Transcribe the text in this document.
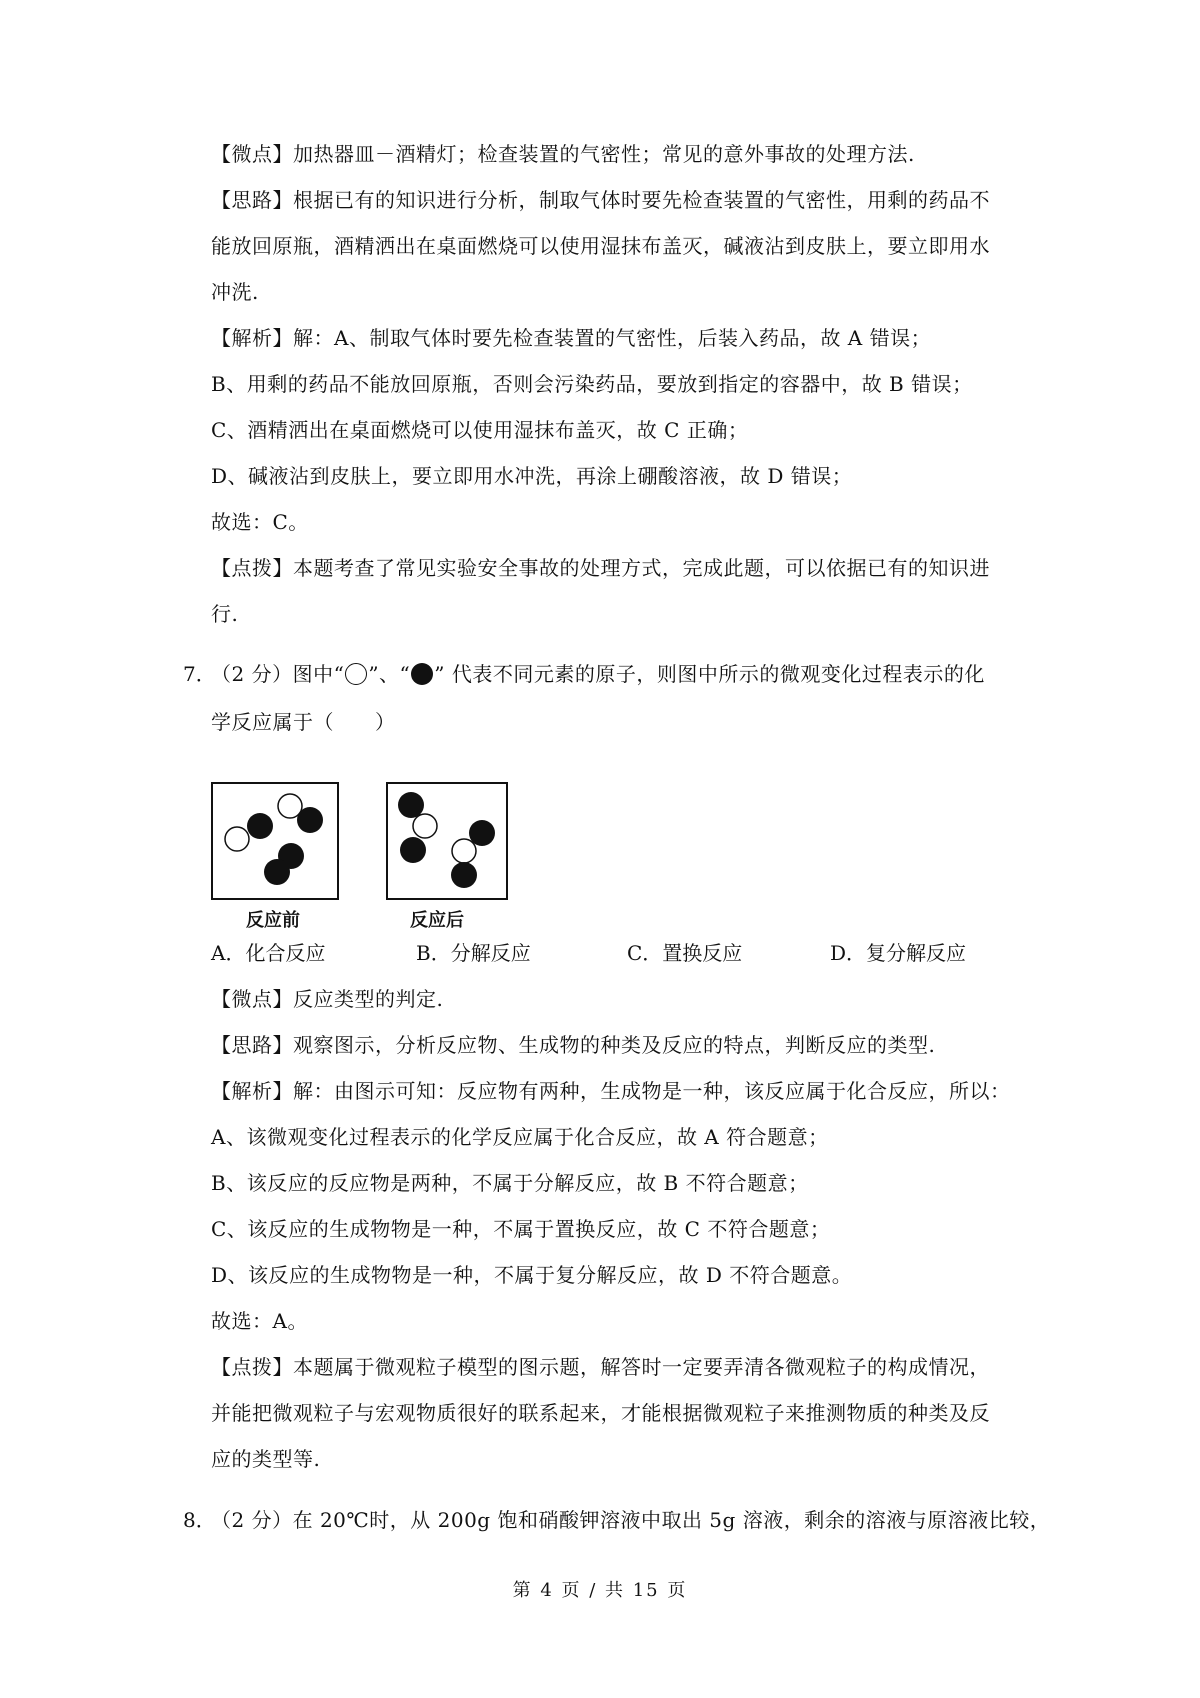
【微点】加热器皿－酒精灯；检查装置的气密性；常见的意外事故的处理方法.
【思路】根据已有的知识进行分析，制取气体时要先检查装置的气密性，用剩的药品不
能放回原瓶，酒精洒出在桌面燃烧可以使用湿抹布盖灭，碱液沾到皮肤上，要立即用水
冲洗.
【解析】解：A、制取气体时要先检查装置的气密性，后装入药品，故 A 错误；
B、用剩的药品不能放回原瓶，否则会污染药品，要放到指定的容器中，故 B 错误；
C、酒精洒出在桌面燃烧可以使用湿抹布盖灭，故 C 正确；
D、碱液沾到皮肤上，要立即用水冲洗，再涂上硼酸溶液，故 D 错误；
故选：C。
【点拨】本题考查了常见实验安全事故的处理方式，完成此题，可以依据已有的知识进
行.
7．
（2 分）图中“ ”、“ ” 代表不同元素的原子，则图中所示的微观变化过程表示的化
学反应属于（　　）
反应前	反应后
A．化合反应	B．分解反应	C．置换反应	D．复分解反应
【微点】反应类型的判定.
【思路】观察图示，分析反应物、生成物的种类及反应的特点，判断反应的类型.
【解析】解：由图示可知：反应物有两种，生成物是一种，该反应属于化合反应，所以：
A、该微观变化过程表示的化学反应属于化合反应，故 A 符合题意；
B、该反应的反应物是两种，不属于分解反应，故 B 不符合题意；
C、该反应的生成物物是一种，不属于置换反应，故 C 不符合题意；
D、该反应的生成物物是一种，不属于复分解反应，故 D 不符合题意。
故选：A。
【点拨】本题属于微观粒子模型的图示题，解答时一定要弄清各微观粒子的构成情况，
并能把微观粒子与宏观物质很好的联系起来，才能根据微观粒子来推测物质的种类及反
应的类型等.
8．
（2 分）在 20℃时，从 200g 饱和硝酸钾溶液中取出 5g 溶液，剩余的溶液与原溶液比较，
第 4 页 / 共 15 页
